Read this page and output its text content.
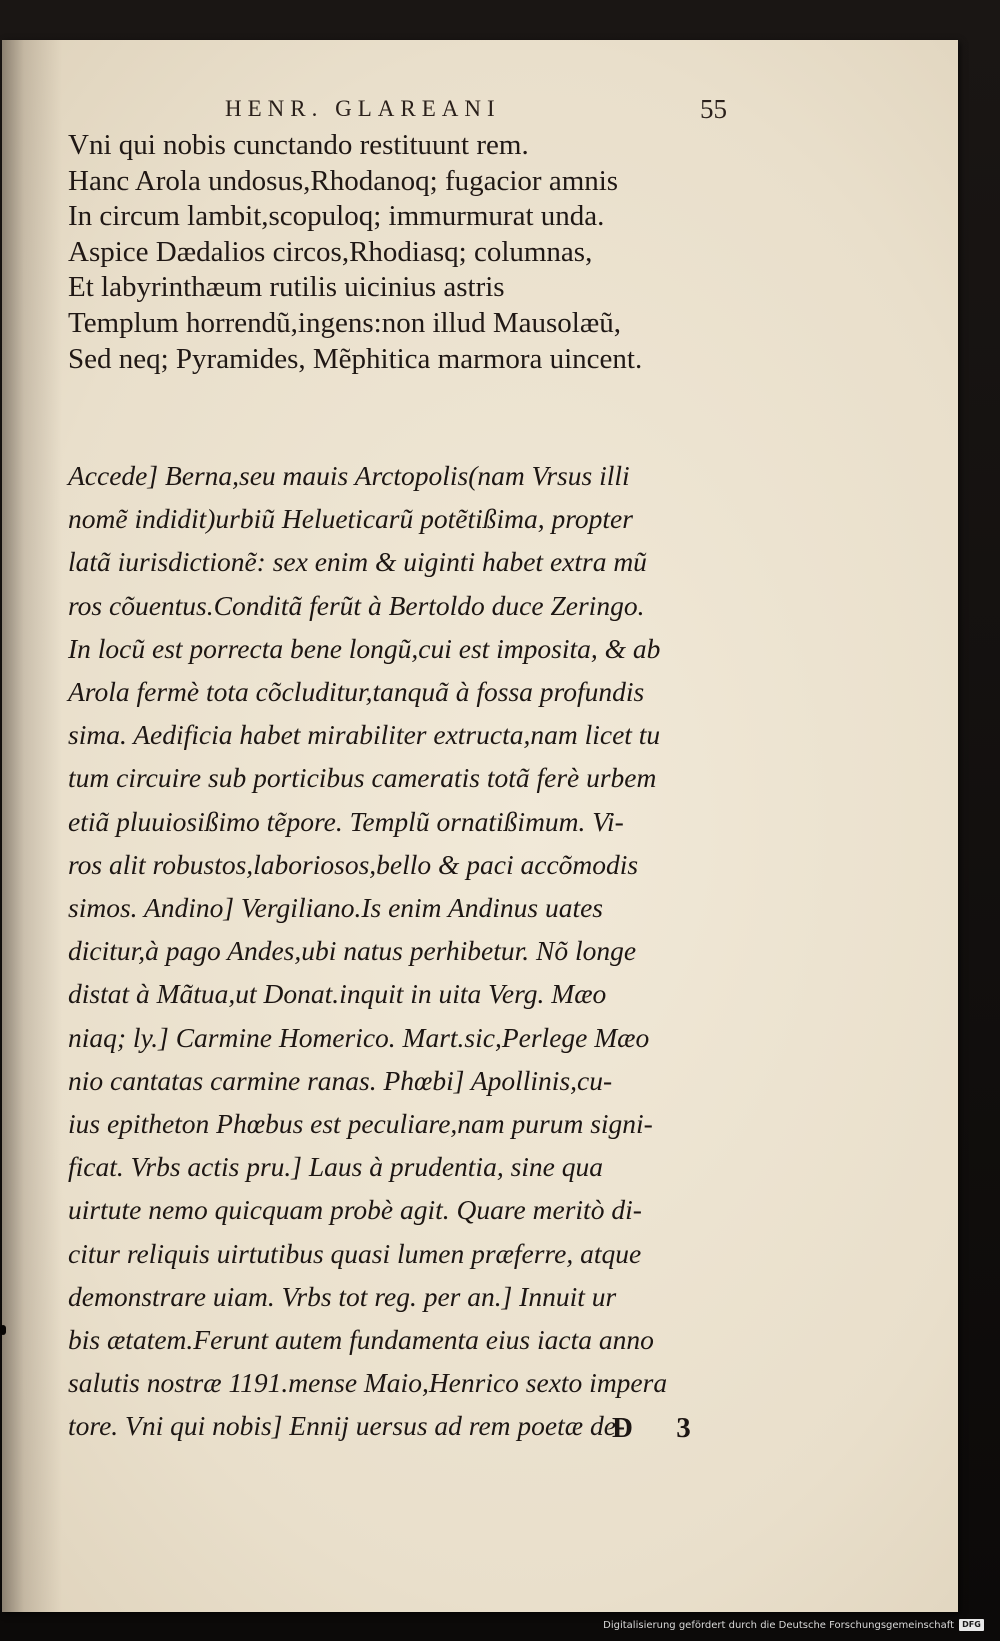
HENR. GLAREANI	55
Vni qui nobis cunctando restituunt rem.
Hanc Arola undosus,Rhodanoq; fugacior amnis
In circum lambit,scopuloq; immurmurat unda.
Aspice Dædalios circos,Rhodiasq; columnas,
Et labyrinthæum rutilis uicinius astris
Templum horrendũ,ingens:non illud Mausolæũ,
Sed neq; Pyramides, Mẽphitica marmora uincent.
Accede] Berna,seu mauis Arctopolis(nam Vrsus illi
nomẽ indidit)urbiũ Helueticarũ potẽtißima, propter
latã iurisdictionẽ: sex enim & uiginti habet extra mũ
ros cõuentus.Conditã ferũt à Bertoldo duce Zeringo.
In locũ est porrecta bene longũ,cui est imposita, & ab
Arola fermè tota cõcluditur,tanquã à fossa profundis
sima. Aedificia habet mirabiliter extructa,nam licet tu
tum circuire sub porticibus cameratis totã ferè urbem
etiã pluuiosißimo tẽpore. Templũ ornatißimum. Vi-
ros alit robustos,laboriosos,bello & paci accõmodis
simos. Andino] Vergiliano.Is enim Andinus uates
dicitur,à pago Andes,ubi natus perhibetur. Nõ longe
distat à Mãtua,ut Donat.inquit in uita Verg. Mæo
niaq; ly.] Carmine Homerico. Mart.sic,Perlege Mæo
nio cantatas carmine ranas. Phœbi] Apollinis,cu-
ius epitheton Phœbus est peculiare,nam purum signi-
ficat. Vrbs actis pru.] Laus à prudentia, sine qua
uirtute nemo quicquam probè agit. Quare meritò di-
citur reliquis uirtutibus quasi lumen præferre, atque
demonstrare uiam. Vrbs tot reg. per an.] Innuit ur
bis ætatem.Ferunt autem fundamenta eius iacta anno
salutis nostræ 1191.mense Maio,Henrico sexto impera
tore. Vni qui nobis] Ennij uersus ad rem poetæ de-
D 3
Digitalisierung gefördert durch die Deutsche Forschungsgemeinschaft	DFG
